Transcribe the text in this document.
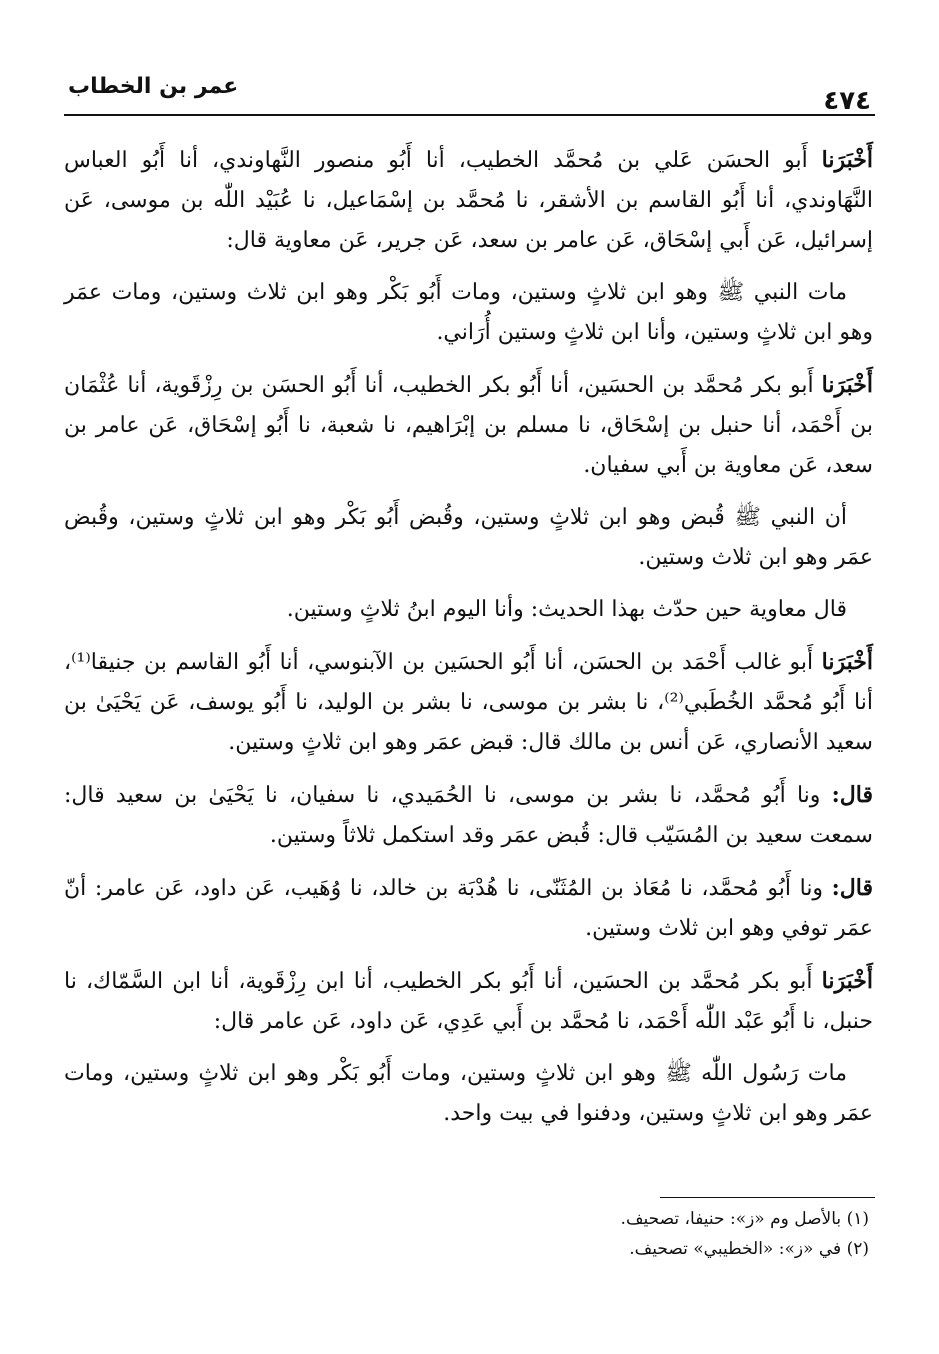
٤٧٤
عمر بن الخطاب

أَخْبَرَنا أَبو الحسَن عَلي بن مُحمَّد الخطيب، أنا أَبُو منصور النَّهاوندي، أنا أَبُو العباس النَّهَاوندي، أنا أَبُو القاسم بن الأشقر، نا مُحمَّد بن إسْمَاعيل، نا عُبَيْد اللّٰه بن موسى، عَن إسرائيل، عَن أَبي إسْحَاق، عَن عامر بن سعد، عَن جرير، عَن معاوية قال:

مات النبي ﷺ وهو ابن ثلاثٍ وستين، ومات أَبُو بَكْر وهو ابن ثلاث وستين، ومات عمَر وهو ابن ثلاثٍ وستين، وأنا ابن ثلاثٍ وستين أُرَاني.

أَخْبَرَنا أَبو بكر مُحمَّد بن الحسَين، أنا أَبُو بكر الخطيب، أنا أَبُو الحسَن بن رِزْقَوية، أنا عُثْمَان بن أَحْمَد، أنا حنبل بن إسْحَاق، نا مسلم بن إبْرَاهيم، نا شعبة، نا أَبُو إسْحَاق، عَن عامر بن سعد، عَن معاوية بن أَبي سفيان.

أن النبي ﷺ قُبض وهو ابن ثلاثٍ وستين، وقُبض أَبُو بَكْر وهو ابن ثلاثٍ وستين، وقُبض عمَر وهو ابن ثلاث وستين.

قال معاوية حين حدّث بهذا الحديث: وأنا اليوم ابنُ ثلاثٍ وستين.

أَخْبَرَنا أَبو غالب أَحْمَد بن الحسَن، أنا أَبُو الحسَين بن الآبنوسي، أنا أَبُو القاسم بن جنيقا⁽¹⁾، أنا أَبُو مُحمَّد الخُطَبي⁽²⁾، نا بشر بن موسى، نا بشر بن الوليد، نا أَبُو يوسف، عَن يَحْيَىٰ بن سعيد الأنصاري، عَن أنس بن مالك قال: قبض عمَر وهو ابن ثلاثٍ وستين.

قال: ونا أَبُو مُحمَّد، نا بشر بن موسى، نا الحُمَيدي، نا سفيان، نا يَحْيَىٰ بن سعيد قال: سمعت سعيد بن المُسَيّب قال: قُبض عمَر وقد استكمل ثلاثاً وستين.

قال: ونا أَبُو مُحمَّد، نا مُعَاذ بن المُثَنّى، نا هُدْبَة بن خالد، نا وُهَيب، عَن داود، عَن عامر: أنّ عمَر توفي وهو ابن ثلاث وستين.

أَخْبَرَنا أَبو بكر مُحمَّد بن الحسَين، أنا أَبُو بكر الخطيب، أنا ابن رِزْقَوية، أنا ابن السَّمّاك، نا حنبل، نا أَبُو عَبْد اللّٰه أَحْمَد، نا مُحمَّد بن أَبي عَدِي، عَن داود، عَن عامر قال:

مات رَسُول اللّٰه ﷺ وهو ابن ثلاثٍ وستين، ومات أَبُو بَكْر وهو ابن ثلاثٍ وستين، ومات عمَر وهو ابن ثلاثٍ وستين، ودفنوا في بيت واحد.

(١) بالأصل وم «ز»: حنيفا، تصحيف.
(٢) في «ز»: «الخطيبي» تصحيف.
